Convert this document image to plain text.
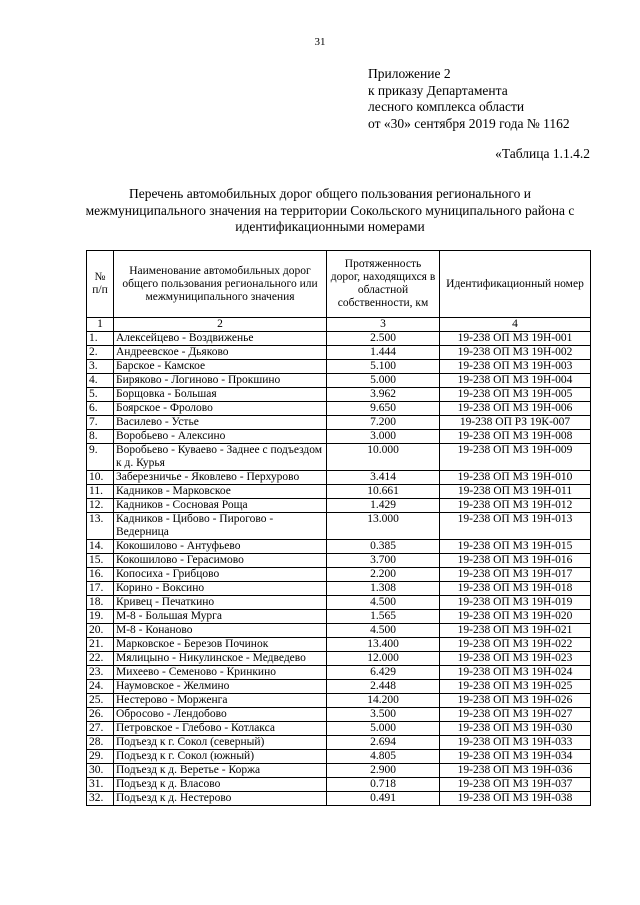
31
Приложение 2
к приказу Департамента
лесного комплекса области
от «30» сентября 2019 года № 1162
«Таблица 1.1.4.2
Перечень автомобильных дорог общего пользования регионального и межмуниципального значения на территории Сокольского муниципального района с идентификационными номерами
№ п/п	Наименование автомобильных дорог общего пользования регионального или межмуниципального значения	Протяженность дорог, находящихся в областной собственности, км	Идентификационный номер
1	2	3	4
1.	Алексейцево - Воздвиженье	2.500	19-238 ОП МЗ 19Н-001
2.	Андреевское - Дьяково	1.444	19-238 ОП МЗ 19Н-002
3.	Барское - Камское	5.100	19-238 ОП МЗ 19Н-003
4.	Биряково - Логиново - Прокшино	5.000	19-238 ОП МЗ 19Н-004
5.	Борщовка - Большая	3.962	19-238 ОП МЗ 19Н-005
6.	Боярское - Фролово	9.650	19-238 ОП МЗ 19Н-006
7.	Василево - Устье	7.200	19-238 ОП РЗ 19К-007
8.	Воробьево - Алексино	3.000	19-238 ОП МЗ 19Н-008
9.	Воробьево - Куваево - Заднее с подъездом к д. Курья	10.000	19-238 ОП МЗ 19Н-009
10.	Заберезничье - Яковлево - Перхурово	3.414	19-238 ОП МЗ 19Н-010
11.	Кадников - Марковское	10.661	19-238 ОП МЗ 19Н-011
12.	Кадников - Сосновая Роща	1.429	19-238 ОП МЗ 19Н-012
13.	Кадников - Цибово - Пирогово - Ведерница	13.000	19-238 ОП МЗ 19Н-013
14.	Кокошилово - Антуфьево	0.385	19-238 ОП МЗ 19Н-015
15.	Кокошилово - Герасимово	3.700	19-238 ОП МЗ 19Н-016
16.	Копосиха - Грибцово	2.200	19-238 ОП МЗ 19Н-017
17.	Корино - Воксино	1.308	19-238 ОП МЗ 19Н-018
18.	Кривец - Печаткино	4.500	19-238 ОП МЗ 19Н-019
19.	М-8 - Большая Мурга	1.565	19-238 ОП МЗ 19Н-020
20.	М-8 - Конаново	4.500	19-238 ОП МЗ 19Н-021
21.	Марковское - Березов Починок	13.400	19-238 ОП МЗ 19Н-022
22.	Мялицыно - Никулинское - Медведево	12.000	19-238 ОП МЗ 19Н-023
23.	Михеево - Семеново - Кринкино	6.429	19-238 ОП МЗ 19Н-024
24.	Наумовское - Желмино	2.448	19-238 ОП МЗ 19Н-025
25.	Нестерово - Морженга	14.200	19-238 ОП МЗ 19Н-026
26.	Обросово - Лендобово	3.500	19-238 ОП МЗ 19Н-027
27.	Петровское - Глебово - Котлакса	5.000	19-238 ОП МЗ 19Н-030
28.	Подъезд к г. Сокол (северный)	2.694	19-238 ОП МЗ 19Н-033
29.	Подъезд к г. Сокол (южный)	4.805	19-238 ОП МЗ 19Н-034
30.	Подъезд к д. Веретье - Коржа	2.900	19-238 ОП МЗ 19Н-036
31.	Подъезд к д. Власово	0.718	19-238 ОП МЗ 19Н-037
32.	Подъезд к д. Нестерово	0.491	19-238 ОП МЗ 19Н-038
